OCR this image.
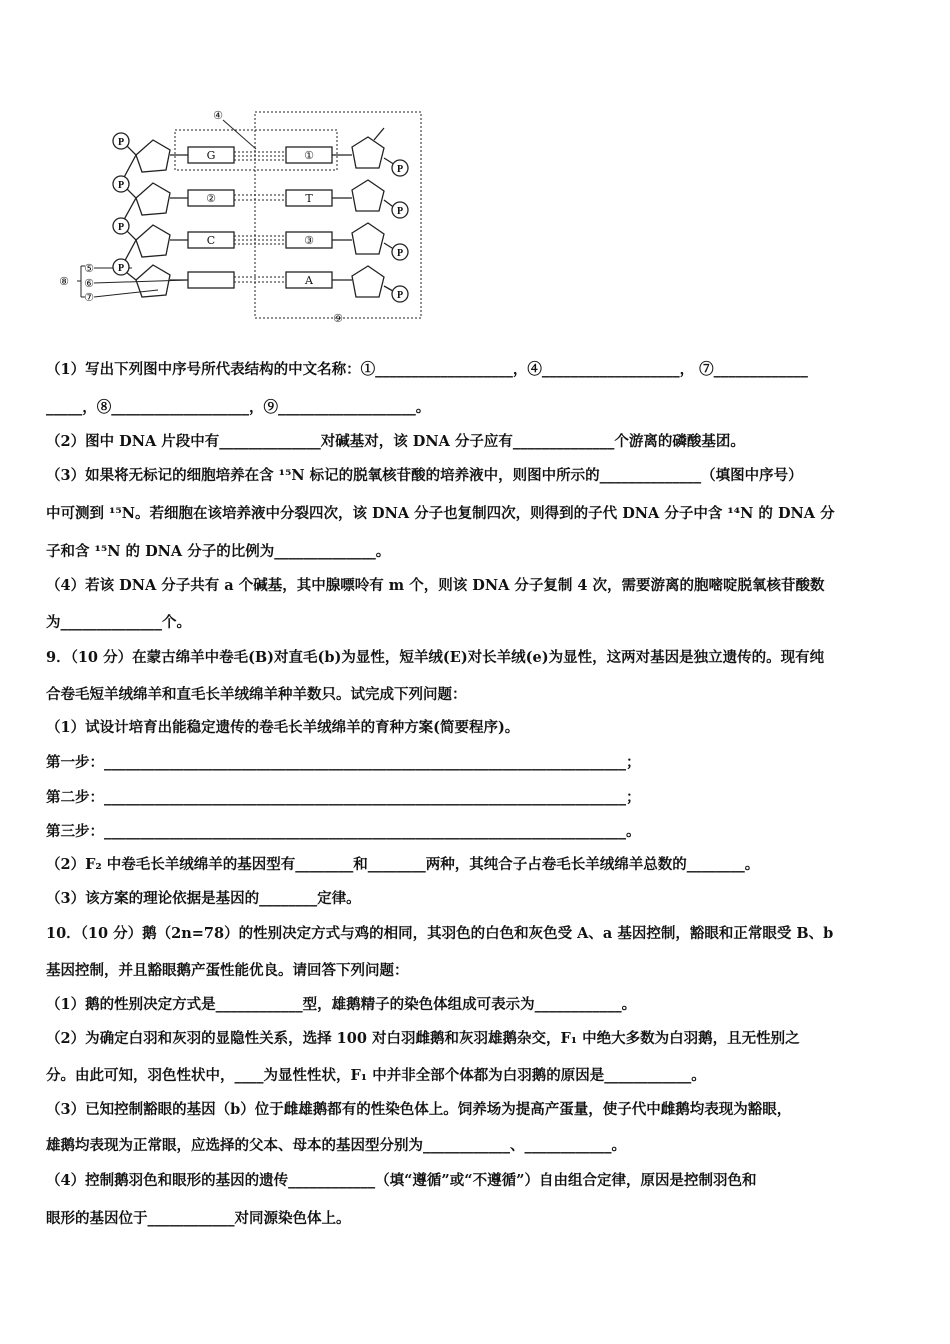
P
P
P
P
P
P
P
P
G
②
C
①
T
③
A
④
⑤
⑥
⑦
⑧
⑨
（1）写出下列图中序号所代表结构的中文名称：①___________________，④___________________， ⑦_____________
_____，⑧___________________，⑨___________________。
（2）图中 DNA 片段中有______________对碱基对，该 DNA 分子应有______________个游离的磷酸基团。
（3）如果将无标记的细胞培养在含 ¹⁵N 标记的脱氧核苷酸的培养液中，则图中所示的______________（填图中序号）
中可测到 ¹⁵N。若细胞在该培养液中分裂四次，该 DNA 分子也复制四次，则得到的子代 DNA 分子中含 ¹⁴N 的 DNA 分
子和含 ¹⁵N 的 DNA 分子的比例为______________。
（4）若该 DNA 分子共有 a 个碱基，其中腺嘌呤有 m 个，则该 DNA 分子复制 4 次，需要游离的胞嘧啶脱氧核苷酸数
为______________个。
9．（10 分）在蒙古绵羊中卷毛(B)对直毛(b)为显性，短羊绒(E)对长羊绒(e)为显性，这两对基因是独立遗传的。现有纯
合卷毛短羊绒绵羊和直毛长羊绒绵羊种羊数只。试完成下列问题：
（1）试设计培育出能稳定遗传的卷毛长羊绒绵羊的育种方案(简要程序)。
第一步：________________________________________________________________________；
第二步：________________________________________________________________________；
第三步：________________________________________________________________________。
（2）F₂ 中卷毛长羊绒绵羊的基因型有________和________两种，其纯合子占卷毛长羊绒绵羊总数的________。
（3）该方案的理论依据是基因的________定律。
10．（10 分）鹅（2n=78）的性别决定方式与鸡的相同，其羽色的白色和灰色受 A、a 基因控制，豁眼和正常眼受 B、b
基因控制，并且豁眼鹅产蛋性能优良。请回答下列问题：
（1）鹅的性别决定方式是____________型，雄鹅精子的染色体组成可表示为____________。
（2）为确定白羽和灰羽的显隐性关系，选择 100 对白羽雌鹅和灰羽雄鹅杂交，F₁ 中绝大多数为白羽鹅，且无性别之
分。由此可知，羽色性状中，____为显性性状，F₁ 中并非全部个体都为白羽鹅的原因是____________。
（3）已知控制豁眼的基因（b）位于雌雄鹅都有的性染色体上。饲养场为提高产蛋量，使子代中雌鹅均表现为豁眼，
雄鹅均表现为正常眼，应选择的父本、母本的基因型分别为____________、____________。
（4）控制鹅羽色和眼形的基因的遗传____________（填“遵循”或“不遵循”）自由组合定律，原因是控制羽色和
眼形的基因位于____________对同源染色体上。
